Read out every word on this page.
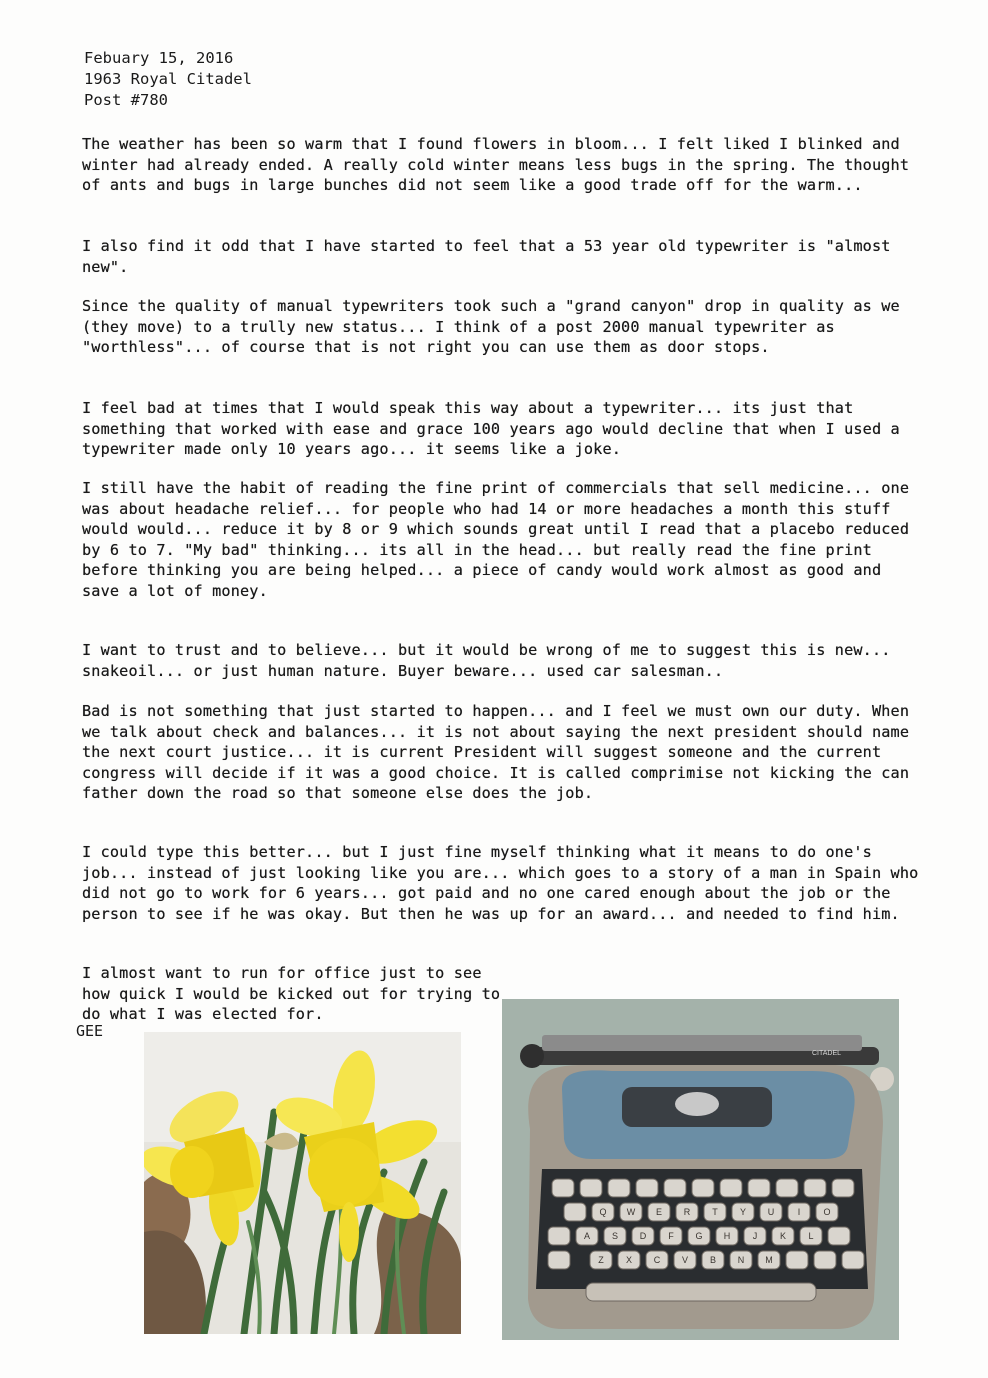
Febuary 15, 2016
1963 Royal Citadel
Post #780
The weather has been so warm that I found flowers in bloom... I felt liked I blinked and winter had already ended. A really cold winter means less bugs in the spring. The thought of ants and bugs in large bunches did not seem like a good trade off for the warm...
I also find it odd that I have started to feel that a 53 year old typewriter is "almost new".
Since the quality of manual typewriters took such a "grand canyon" drop in quality as we (they move) to a trully new status... I think of a post 2000 manual typewriter as "worthless"... of course that is not right you can use them as door stops.
I feel bad at times that I would speak this way about a typewriter... its just that something that worked with ease and grace 100 years ago would decline that when I used a typewriter made only 10 years ago... it seems like a joke.
I still have the habit of reading the fine print of commercials that sell medicine... one was about headache relief... for people who had 14 or more headaches a month this stuff would would... reduce it by 8 or 9 which sounds great until I read that a placebo reduced by 6 to 7. "My bad" thinking... its all in the head... but really read the fine print before thinking you are being helped... a piece of candy would work almost as good and save a lot of money.
I want to trust and to believe... but it would be wrong of me to suggest this is new... snakeoil... or just human nature. Buyer beware... used car salesman..
Bad is not something that just started to happen... and I feel we must own our duty. When we talk about check and balances... it is not about saying the next president should name the next court justice... it is current President will suggest someone and the current congress will decide if it was a good choice. It is called comprimise not kicking the can father down the road so that someone else does the job.
I could type this better... but I just fine myself thinking what it means to do one's job... instead of just looking like you are... which goes to a story of a man in Spain who did not go to work for 6 years... got paid and no one cared enough about the job or the person to see if he was okay. But then he was up for an award... and needed to find him.
I almost want to run for office just to see how quick I would be kicked out for trying to do what I was elected for.
GEE
CITADEL
Q W E R T Y U	I	O
A S D F G H	J	K L
Z X C V B N M
